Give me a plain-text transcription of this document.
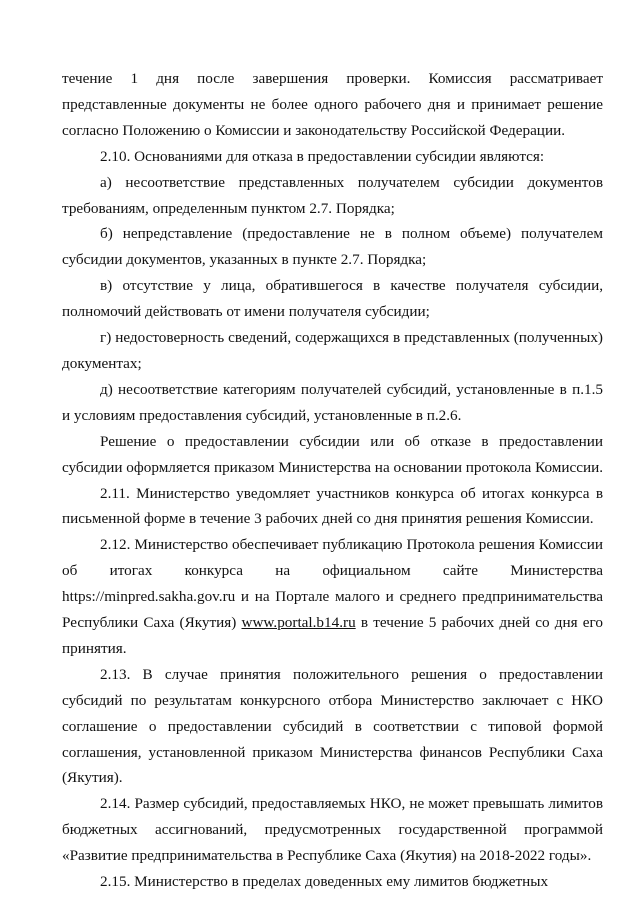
течение 1 дня после завершения проверки. Комиссия рассматривает представленные документы не более одного рабочего дня и принимает решение согласно Положению о Комиссии и законодательству Российской Федерации.

2.10. Основаниями для отказа в предоставлении субсидии являются:

а) несоответствие представленных получателем субсидии документов требованиям, определенным пунктом 2.7. Порядка;

б) непредставление (предоставление не в полном объеме) получателем субсидии документов, указанных в пункте 2.7. Порядка;

в) отсутствие у лица, обратившегося в качестве получателя субсидии, полномочий действовать от имени получателя субсидии;

г) недостоверность сведений, содержащихся в представленных (полученных) документах;

д) несоответствие категориям получателей субсидий, установленные в п.1.5 и условиям предоставления субсидий, установленные в п.2.6.

Решение о предоставлении субсидии или об отказе в предоставлении субсидии оформляется приказом Министерства на основании протокола Комиссии.

2.11. Министерство уведомляет участников конкурса об итогах конкурса в письменной форме в течение 3 рабочих дней со дня принятия решения Комиссии.

2.12. Министерство обеспечивает публикацию Протокола решения Комиссии об итогах конкурса на официальном сайте Министерства https://minpred.sakha.gov.ru и на Портале малого и среднего предпринимательства Республики Саха (Якутия) www.portal.b14.ru в течение 5 рабочих дней со дня его принятия.

2.13. В случае принятия положительного решения о предоставлении субсидий по результатам конкурсного отбора Министерство заключает с НКО соглашение о предоставлении субсидий в соответствии с типовой формой соглашения, установленной приказом Министерства финансов Республики Саха (Якутия).

2.14. Размер субсидий, предоставляемых НКО, не может превышать лимитов бюджетных ассигнований, предусмотренных государственной программой «Развитие предпринимательства в Республике Саха (Якутия) на 2018-2022 годы».

2.15. Министерство в пределах доведенных ему лимитов бюджетных
